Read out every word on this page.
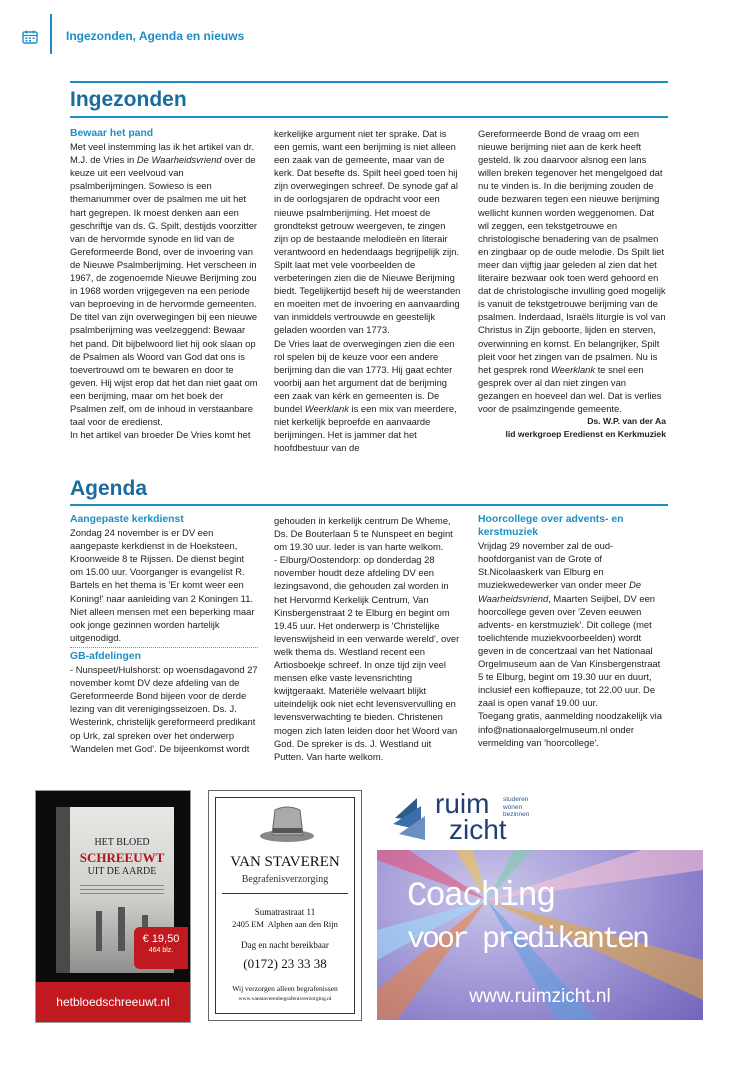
Ingezonden, Agenda en nieuws
Ingezonden
Bewaar het pand

Met veel instemming las ik het artikel van dr. M.J. de Vries in De Waarheidsvriend over de keuze uit een veelvoud van psalmberijmingen. Sowieso is een themanummer over de psalmen me uit het hart gegrepen. Ik moest denken aan een geschriftje van ds. G. Spilt, destijds voorzitter van de hervormde synode en lid van de Gereformeerde Bond, over de invoering van de Nieuwe Psalmberijming. Het verscheen in 1967, de zogenoemde Nieuwe Berijming zou in 1968 worden vrijgegeven na een periode van beproeving in de hervormde gemeenten. De titel van zijn overwegingen bij een nieuwe psalmberijming was veelzeggend: Bewaar het pand. Dit bijbelwoord liet hij ook slaan op de Psalmen als Woord van God dat ons is toevertrouwd om te bewaren en door te geven. Hij wijst erop dat het dan niet gaat om een berijming, maar om het boek der Psalmen zelf, om de inhoud in verstaanbare taal voor de eredienst.

In het artikel van broeder De Vries komt het

kerkelijke argument niet ter sprake. Dat is een gemis, want een berijming is niet alleen een zaak van de gemeente, maar van de kerk. Dat besefte ds. Spilt heel goed toen hij zijn overwegingen schreef. De synode gaf al in de oorlogsjaren de opdracht voor een nieuwe psalmberijming. Het moest de grondtekst getrouw weergeven, te zingen zijn op de bestaande melodieën en literair verantwoord en hedendaags begrijpelijk zijn. Spilt laat met vele voorbeelden de verbeteringen zien die de Nieuwe Berijming biedt. Tegelijkertijd beseft hij de weerstanden en moeiten met de invoering en aanvaarding van inmiddels vertrouwde en geestelijk geladen woorden van 1773.

De Vries laat de overwegingen zien die een rol spelen bij de keuze voor een andere berijming dan die van 1773. Hij gaat echter voorbij aan het argument dat de berijming een zaak van kérk en gemeenten is. De bundel Weerklank is een mix van meerdere, niet kerkelijk beproefde en aanvaarde berijmingen. Het is jammer dat het hoofdbestuur van de

Gereformeerde Bond de vraag om een nieuwe berijming niet aan de kerk heeft gesteld. Ik zou daarvoor alsnog een lans willen breken tegenover het mengelgoed dat nu te vinden is. In die berijming zouden de oude bezwaren tegen een nieuwe berijming wellicht kunnen worden weggenomen. Dat wil zeggen, een tekstgetrouwe en christologische benadering van de psalmen en zingbaar op de oude melodie. Ds Spilt liet meer dan vijftig jaar geleden al zien dat het literaire bezwaar ook toen werd gehoord en dat de christologische invulling goed mogelijk is vanuit de tekstgetrouwe berijming van de psalmen. Inderdaad, Israëls liturgie is vol van Christus in Zijn geboorte, lijden en sterven, overwinning en komst. En belangrijker, Spilt pleit voor het zingen van de psalmen. Nu is het gesprek rond Weerklank te snel een gesprek over al dan niet zingen van gezangen en hoeveel dan wel. Dat is verlies voor de psalmzingende gemeente.

Ds. W.P. van der Aa
lid werkgroep Eredienst en Kerkmuziek
Agenda
Aangepaste kerkdienst

Zondag 24 november is er DV een aangepaste kerkdienst in de Hoeksteen, Kroonweide 8 te Rijssen. De dienst begint om 15.00 uur. Voorganger is evangelist R. Bartels en het thema is 'Er komt weer een Koning!' naar aanleiding van 2 Koningen 11. Niet alleen mensen met een beperking maar ook jonge gezinnen worden hartelijk uitgenodigd.

GB-afdelingen

- Nunspeet/Hulshorst: op woensdagavond 27 november komt DV deze afdeling van de Gereformeerde Bond bijeen voor de derde lezing van dit verenigingsseizoen. Ds. J. Westerink, christelijk gereformeerd predikant op Urk, zal spreken over het onderwerp 'Wandelen met God'. De bijeenkomst wordt

gehouden in kerkelijk centrum De Wheme, Ds. De Bouterlaan 5 te Nunspeet en begint om 19.30 uur. Ieder is van harte welkom.

- Elburg/Oostendorp: op donderdag 28 november houdt deze afdeling DV een lezingsavond, die gehouden zal worden in het Hervormd Kerkelijk Centrum, Van Kinsbergenstraat 2 te Elburg en begint om 19.45 uur. Het onderwerp is 'Christelijke levenswijsheid in een verwarde wereld', over welk thema ds. Westland recent een Artiosboekje schreef. In onze tijd zijn veel mensen elke vaste levensrichting kwijtgeraakt. Materiële welvaart blijkt uiteindelijk ook niet echt levensvervulling en levensverwachting te bieden. Christenen mogen zich laten leiden door het Woord van God. De spreker is ds. J. Westland uit Putten. Van harte welkom.

Hoorcollege over advents- en kerstmuziek

Vrijdag 29 november zal de oud-hoofdorganist van de Grote of St.Nicolaaskerk van Elburg en muziekwedewerker van onder meer De Waarheidsvriend, Maarten Seijbel, DV een hoorcollege geven over 'Zeven eeuwen advents- en kerstmuziek'. Dit college (met toelichtende muziekvoorbeelden) wordt geven in de concertzaal van het Nationaal Orgelmuseum aan de Van Kinsbergenstraat 5 te Elburg, begint om 19.30 uur en duurt, inclusief een koffiepauze, tot 22.00 uur. De zaal is open vanaf 19.00 uur.

Toegang gratis, aanmelding noodzakelijk via info@nationaalorgelmuseum.nl onder vermelding van 'hoorcollege'.

HET BLOED
SCHREEUWT
UIT DE AARDE
€ 19,50
464 blz.
hetbloedschreeuwt.nl
VAN STAVEREN
Begrafenisverzorging
Sumatrastraat 11
2405 EM  Alphen aan den Rijn
Dag en nacht bereikbaar
(0172) 23 33 38
Wij verzorgen alleen begrafenissen
www.vanstaverenbegrafenisverzorging.nl
ruim
zicht
studeren
wonen
bezinnen
Coaching
voor predikanten
www.ruimzicht.nl
